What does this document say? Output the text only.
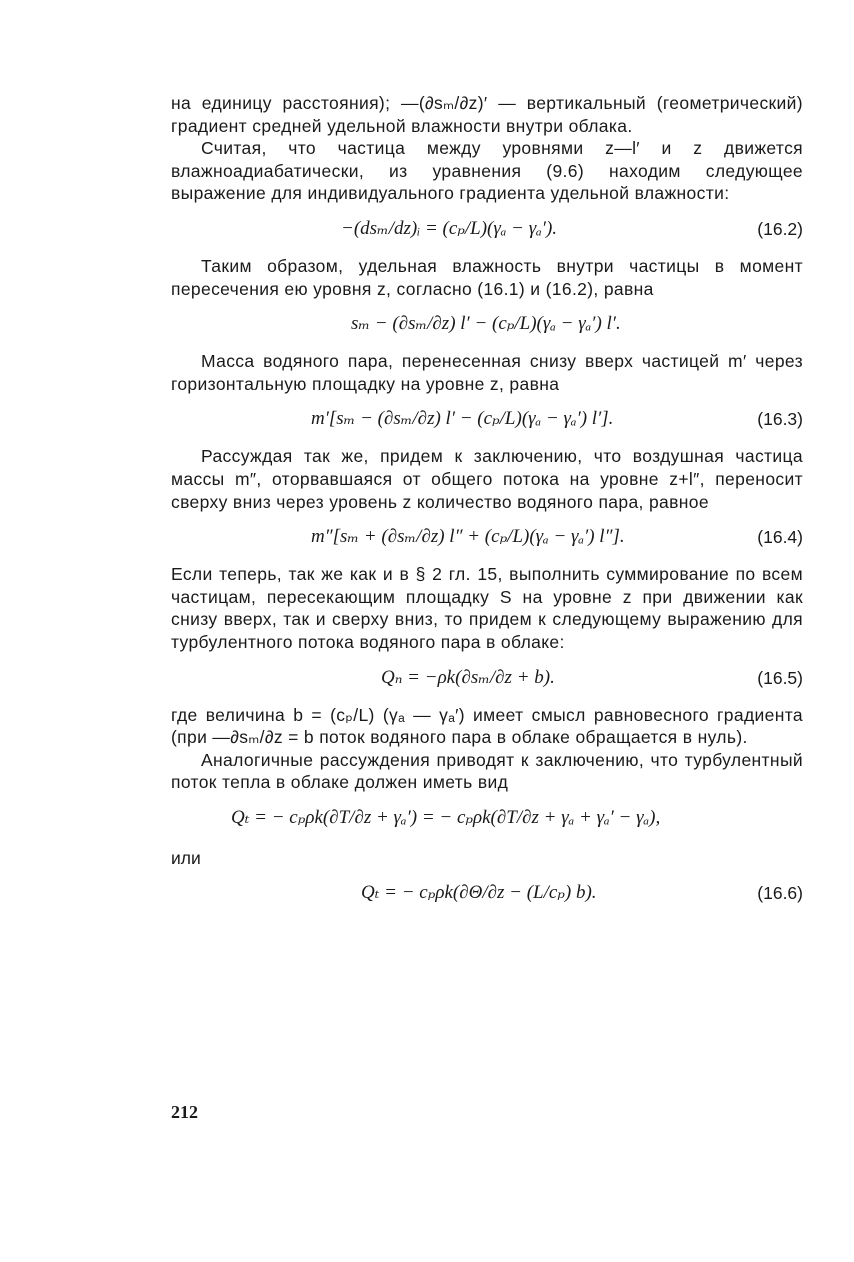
на единицу расстояния); —(∂sₘ/∂z)′ — вертикальный (геометрический) градиент средней удельной влажности внутри облака.

Считая, что частица между уровнями z—l′ и z движется влажноадиабатически, из уравнения (9.6) находим следующее выражение для индивидуального градиента удельной влажности:

−(dsₘ/dz)ᵢ = (cₚ/L)(γₐ − γₐ′).	(16.2)

Таким образом, удельная влажность внутри частицы в момент пересечения ею уровня z, согласно (16.1) и (16.2), равна

sₘ − (∂sₘ/∂z) l′ − (cₚ/L)(γₐ − γₐ′) l′.

Масса водяного пара, перенесенная снизу вверх частицей m′ через горизонтальную площадку на уровне z, равна

m′[sₘ − (∂sₘ/∂z) l′ − (cₚ/L)(γₐ − γₐ′) l′].	(16.3)

Рассуждая так же, придем к заключению, что воздушная частица массы m″, оторвавшаяся от общего потока на уровне z+l″, переносит сверху вниз через уровень z количество водяного пара, равное

m″[sₘ + (∂sₘ/∂z) l″ + (cₚ/L)(γₐ − γₐ′) l″].	(16.4)

Если теперь, так же как и в § 2 гл. 15, выполнить суммирование по всем частицам, пересекающим площадку S на уровне z при движении как снизу вверх, так и сверху вниз, то придем к следующему выражению для турбулентного потока водяного пара в облаке:

Qₙ = −ρk(∂sₘ/∂z + b).	(16.5)

где величина b = (cₚ/L) (γₐ — γₐ′) имеет смысл равновесного градиента (при —∂sₘ/∂z = b поток водяного пара в облаке обращается в нуль).

Аналогичные рассуждения приводят к заключению, что турбулентный поток тепла в облаке должен иметь вид

Qₜ = − cₚρk(∂T/∂z + γₐ′) = − cₚρk(∂T/∂z + γₐ + γₐ′ − γₐ),

или

Qₜ = − cₚρk(∂Θ/∂z − (L/cₚ) b).	(16.6)
212
